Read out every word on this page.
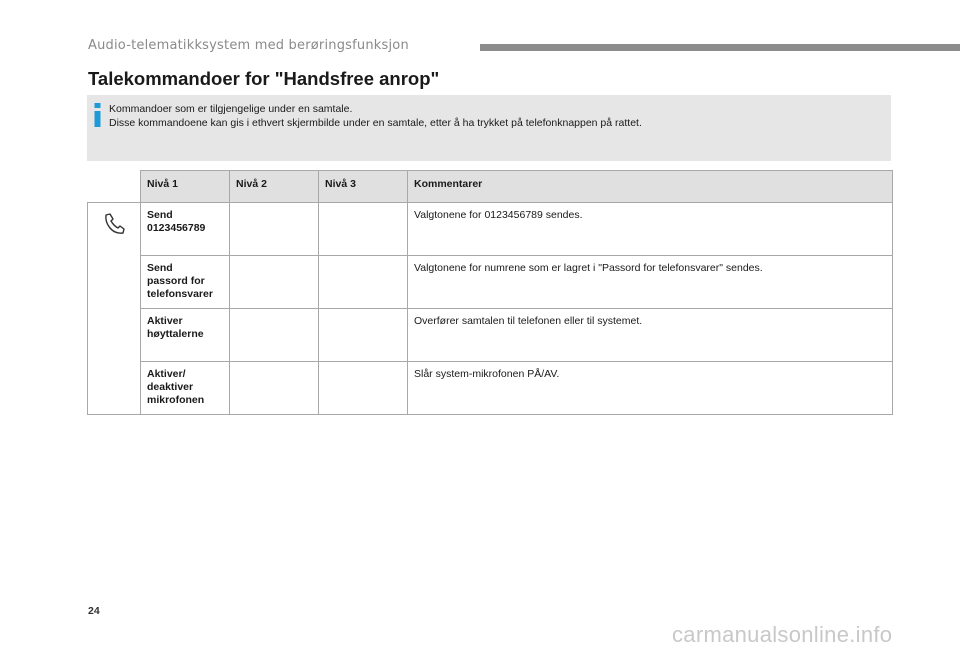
Audio-telematikksystem med berøringsfunksjon
Talekommandoer for "Handsfree anrop"
Kommandoer som er tilgjengelige under en samtale.
Disse kommandoene kan gis i ethvert skjermbilde under en samtale, etter å ha trykket på telefonknappen på rattet.
	Nivå 1	Nivå 2	Nivå 3	Kommentarer
	Send
0123456789			Valgtonene for 0123456789 sendes.
	Send
passord for
telefonsvarer			Valgtonene for numrene som er lagret i "Passord for telefonsvarer" sendes.
	Aktiver
høyttalerne			Overfører samtalen til telefonen eller til systemet.
	Aktiver/
deaktiver
mikrofonen			Slår system-mikrofonen PÅ/AV.
24
carmanualsonline.info
